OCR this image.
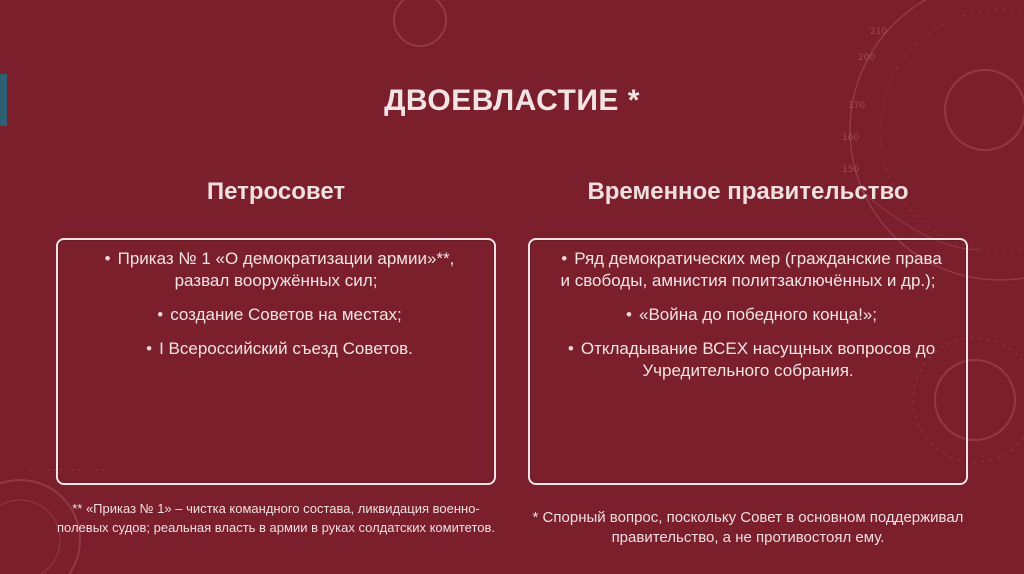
170
160
150
200
210
ДВОЕВЛАСТИЕ *
Петросовет	Временное правительство
• Приказ № 1 «О демократизации армии»**, развал вооружённых сил;
• создание Советов на местах;
• I Всероссийский съезд Советов.
• Ряд демократических мер (гражданские права и свободы, амнистия политзаключённых и др.);
• «Война до победного конца!»;
• Откладывание ВСЕХ насущных вопросов до Учредительного собрания.
** «Приказ № 1» – чистка командного состава, ликвидация военно-полевых судов; реальная власть в армии в руках солдатских комитетов.
* Спорный вопрос, поскольку Совет в основном поддерживал правительство, а не противостоял ему.
